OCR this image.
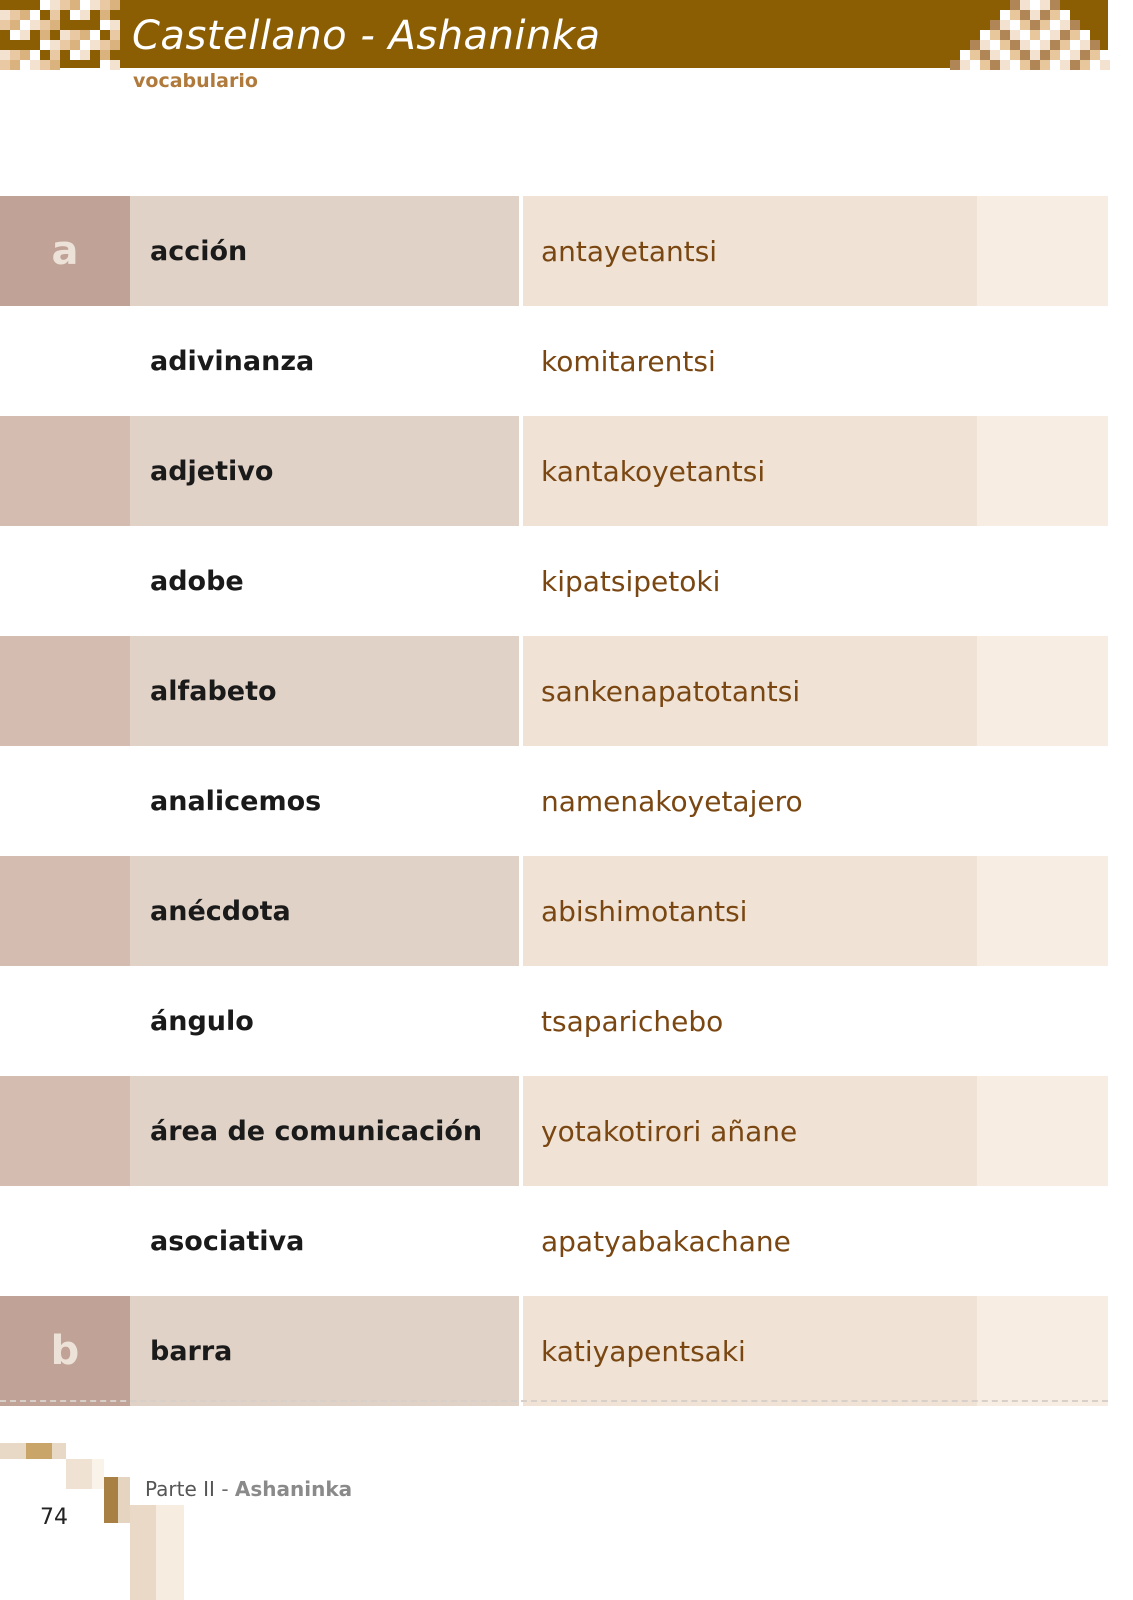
Castellano - Ashaninka
vocabulario
a	acción	antayetantsi
adivinanza	komitarentsi
adjetivo	kantakoyetantsi
adobe	kipatsipetoki
alfabeto	sankenapatotantsi
analicemos	namenakoyetajero
anécdota	abishimotantsi
ángulo	tsaparichebo
área de comunicación	yotakotirori añane
asociativa	apatyabakachane
b	barra	katiyapentsaki
Parte II - Ashaninka
74
